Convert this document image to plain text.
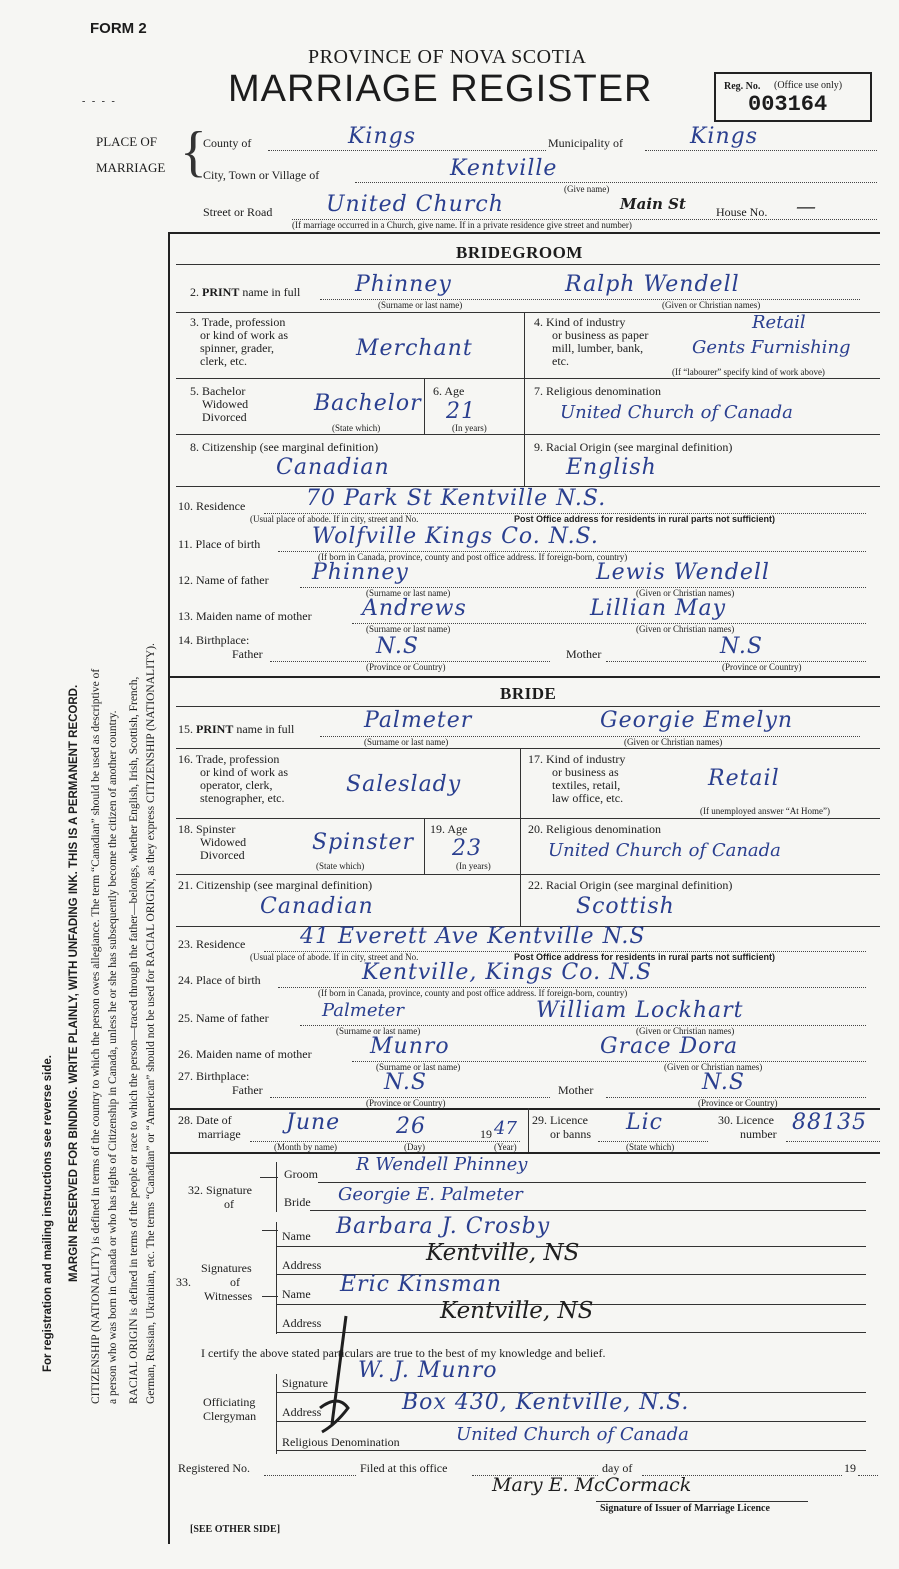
FORM 2
- - - -
PROVINCE OF NOVA SCOTIA
MARRIAGE REGISTER	Reg. No. (Office use only)
003164
PLACE OF
MARRIAGE {
County of	Kings	Municipality of	Kings
City, Town or Village of	Kentville
(Give name)
Street or Road United Church	Main St	House No. —
(If marriage occurred in a Church, give name. If in a private residence give street and number)
For registration and mailing instructions see reverse side. MARGIN RESERVED FOR BINDING. WRITE PLAINLY, WITH UNFADING INK. THIS IS A PERMANENT RECORD. CITIZENSHIP (NATIONALITY) is defined in terms of the country to which the person owes allegiance. The term “Canadian” should be used as descriptive of a person who was born in Canada or who has rights of Citizenship in Canada, unless he or she has subsequently become the citizen of another country. RACIAL ORIGIN is defined in terms of the people or race to which the person—traced through the father—belongs, whether English, Irish, Scottish, French, German, Russian, Ukrainian, etc. The terms “Canadian” or “American” should not be used for RACIAL ORIGIN, as they express CITIZENSHIP (NATIONALITY).
BRIDEGROOM
2. PRINT name in full Phinney	Ralph Wendell
(Surname or last name)	(Given or Christian names)
3. Trade, profession
or kind of work as
spinner, grader,
clerk, etc.	Merchant
4. Kind of industry
or business as paper
mill, lumber, bank,
etc.
Retail
Gents Furnishing
(If “labourer” specify kind of work above)
5. Bachelor
Widowed
Divorced
Bachelor
(State which)
6. Age
21
(In years)
7. Religious denomination
United Church of Canada
8. Citizenship (see marginal definition)
Canadian
9. Racial Origin (see marginal definition)
English
10. Residence	70 Park St Kentville N.S.
(Usual place of abode. If in city, street and No.	Post Office address for residents in rural parts not sufficient)
11. Place of birth Wolfville Kings Co. N.S.
(If born in Canada, province, county and post office address. If foreign-born, country)
12. Name of father Phinney	Lewis Wendell
(Surname or last name)	(Given or Christian names)
13. Maiden name of mother Andrews	Lillian May
(Surname or last name)	(Given or Christian names)
14. Birthplace:
Father	N.S	Mother	N.S
(Province or Country)	(Province or Country)
BRIDE
15. PRINT name in full	Palmeter	Georgie Emelyn
(Surname or last name)	(Given or Christian names)
16. Trade, profession
or kind of work as
operator, clerk,
stenographer, etc.
Saleslady
17. Kind of industry
or business as
textiles, retail,
law office, etc.
Retail
(If unemployed answer “At Home”)
18. Spinster
Widowed
Divorced	Spinster
(State which)
19. Age
23
(In years)
20. Religious denomination
United Church of Canada
21. Citizenship (see marginal definition)
Canadian
22. Racial Origin (see marginal definition)
Scottish
23. Residence 41 Everett Ave Kentville N.S
(Usual place of abode. If in city, street and No.	Post Office address for residents in rural parts not sufficient)
24. Place of birth	Kentville, Kings Co. N.S
(If born in Canada, province, county and post office address. If foreign-born, country)
25. Name of father	Palmeter	William Lockhart
(Surname or last name)	(Given or Christian names)
26. Maiden name of mother	Munro	Grace Dora
(Surname or last name)	(Given or Christian names)
27. Birthplace:
Father	N.S	Mother	N.S
(Province or Country)	(Province or Country)
28. Date of
marriage June	26	19 47
(Month by name)	(Day)	(Year)
29. Licence
or banns Lic
(State which)
30. Licence
number 88135
Groom
Bride
32. Signature
of
R Wendell Phinney
Georgie E. Palmeter
Signatures
of
Witnesses
33.
Name
Address
Name
Address
Barbara J. Crosby
Kentville, NS
Eric Kinsman
Kentville, NS
I certify the above stated particulars are true to the best of my knowledge and belief.
Officiating
Clergyman
Signature
Address
Religious Denomination
W. J. Munro
Box 430, Kentville, N.S.
United Church of Canada
Registered No.	Filed at this office	day of	19
Mary E. McCormack
Signature of Issuer of Marriage Licence
[SEE OTHER SIDE]
